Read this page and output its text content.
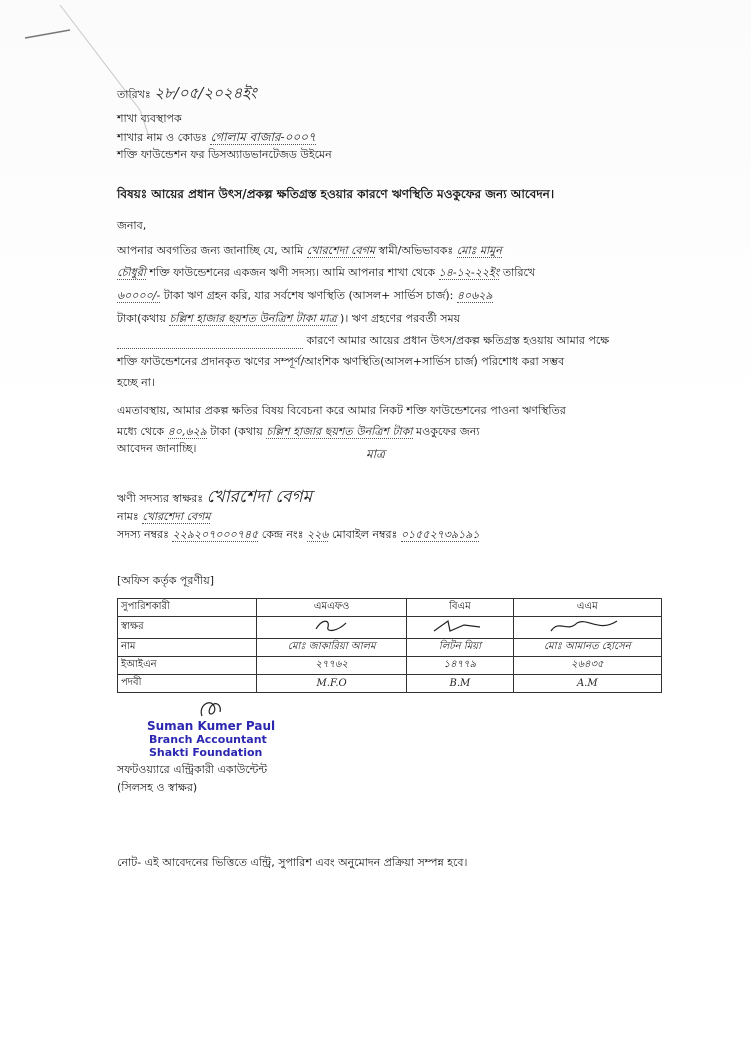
তারিখঃ ২৮/০৫/২০২৪ইং
শাখা ব্যবস্থাপক
শাখার নাম ও কোডঃ গোলাম বাজার-০০০৭
শক্তি ফাউন্ডেশন ফর ডিসঅ্যাডভানটেজড উইমেন
বিষয়ঃ আয়ের প্রধান উৎস/প্রকল্প ক্ষতিগ্রস্ত হওয়ার কারণে ঋণস্থিতি মওকুফের জন্য আবেদন।
জনাব,
আপনার অবগতির জন্য জানাচ্ছি যে, আমি খোরশেদা বেগম স্বামী/অভিভাবকঃ মোঃ মামুন
চৌধুরী শক্তি ফাউন্ডেশনের একজন ঋণী সদস্য। আমি আপনার শাখা থেকে ১৪-১২-২২ইং তারিখে
৬০০০০/- টাকা ঋণ গ্রহন করি, যার সর্বশেষ ঋণস্থিতি (আসল+ সার্ভিস চার্জ): ৪০৬২৯
টাকা(কথায় চল্লিশ হাজার ছয়শত উনত্রিশ টাকা মাত্র )। ঋণ গ্রহণের পরবর্তী সময়
কারণে আমার আয়ের প্রধান উৎস/প্রকল্প ক্ষতিগ্রস্ত হওয়ায় আমার পক্ষে
শক্তি ফাউন্ডেশনের প্রদানকৃত ঋণের সম্পূর্ণ/আংশিক ঋণস্থিতি(আসল+সার্ভিস চার্জ) পরিশোধ করা সম্ভব
হচ্ছে না।
এমতাবস্থায়, আমার প্রকল্প ক্ষতির বিষয় বিবেচনা করে আমার নিকট শক্তি ফাউন্ডেশনের পাওনা ঋণস্থিতির
মধ্যে থেকে ৪০,৬২৯ টাকা (কথায় চল্লিশ হাজার ছয়শত উনত্রিশ টাকা মওকুফের জন্য
আবেদন জানাচ্ছি।	মাত্র
ঋণী সদস্যর স্বাক্ষরঃ খোরশেদা বেগম
নামঃ খোরশেদা বেগম
সদস্য নম্বরঃ ২২৯২০৭০০০৭৪৫ কেন্দ্র নংঃ ২২৬ মোবাইল নম্বরঃ ০১৫৫২৭৩৯১৯১
[অফিস কর্তৃক পূরণীয়]
সুপারিশকারী	এমএফও	বিএম	এএম
স্বাক্ষর			
নাম	মোঃ জাকারিয়া আলম	লিটন মিয়া	মোঃ আমানত হোসেন
ইআইএন	২৭৭৬২	১৪৭৭৯	২৬৪৩৫
পদবী	M.F.O	B.M	A.M
Suman Kumer Paul
Branch Accountant
Shakti Foundation
সফটওয়্যারে এন্ট্রিকারী একাউন্টেন্ট
(সিলসহ ও স্বাক্ষর)
নোট- এই আবেদনের ভিত্তিতে এন্ট্রি, সুপারিশ এবং অনুমোদন প্রক্রিয়া সম্পন্ন হবে।
